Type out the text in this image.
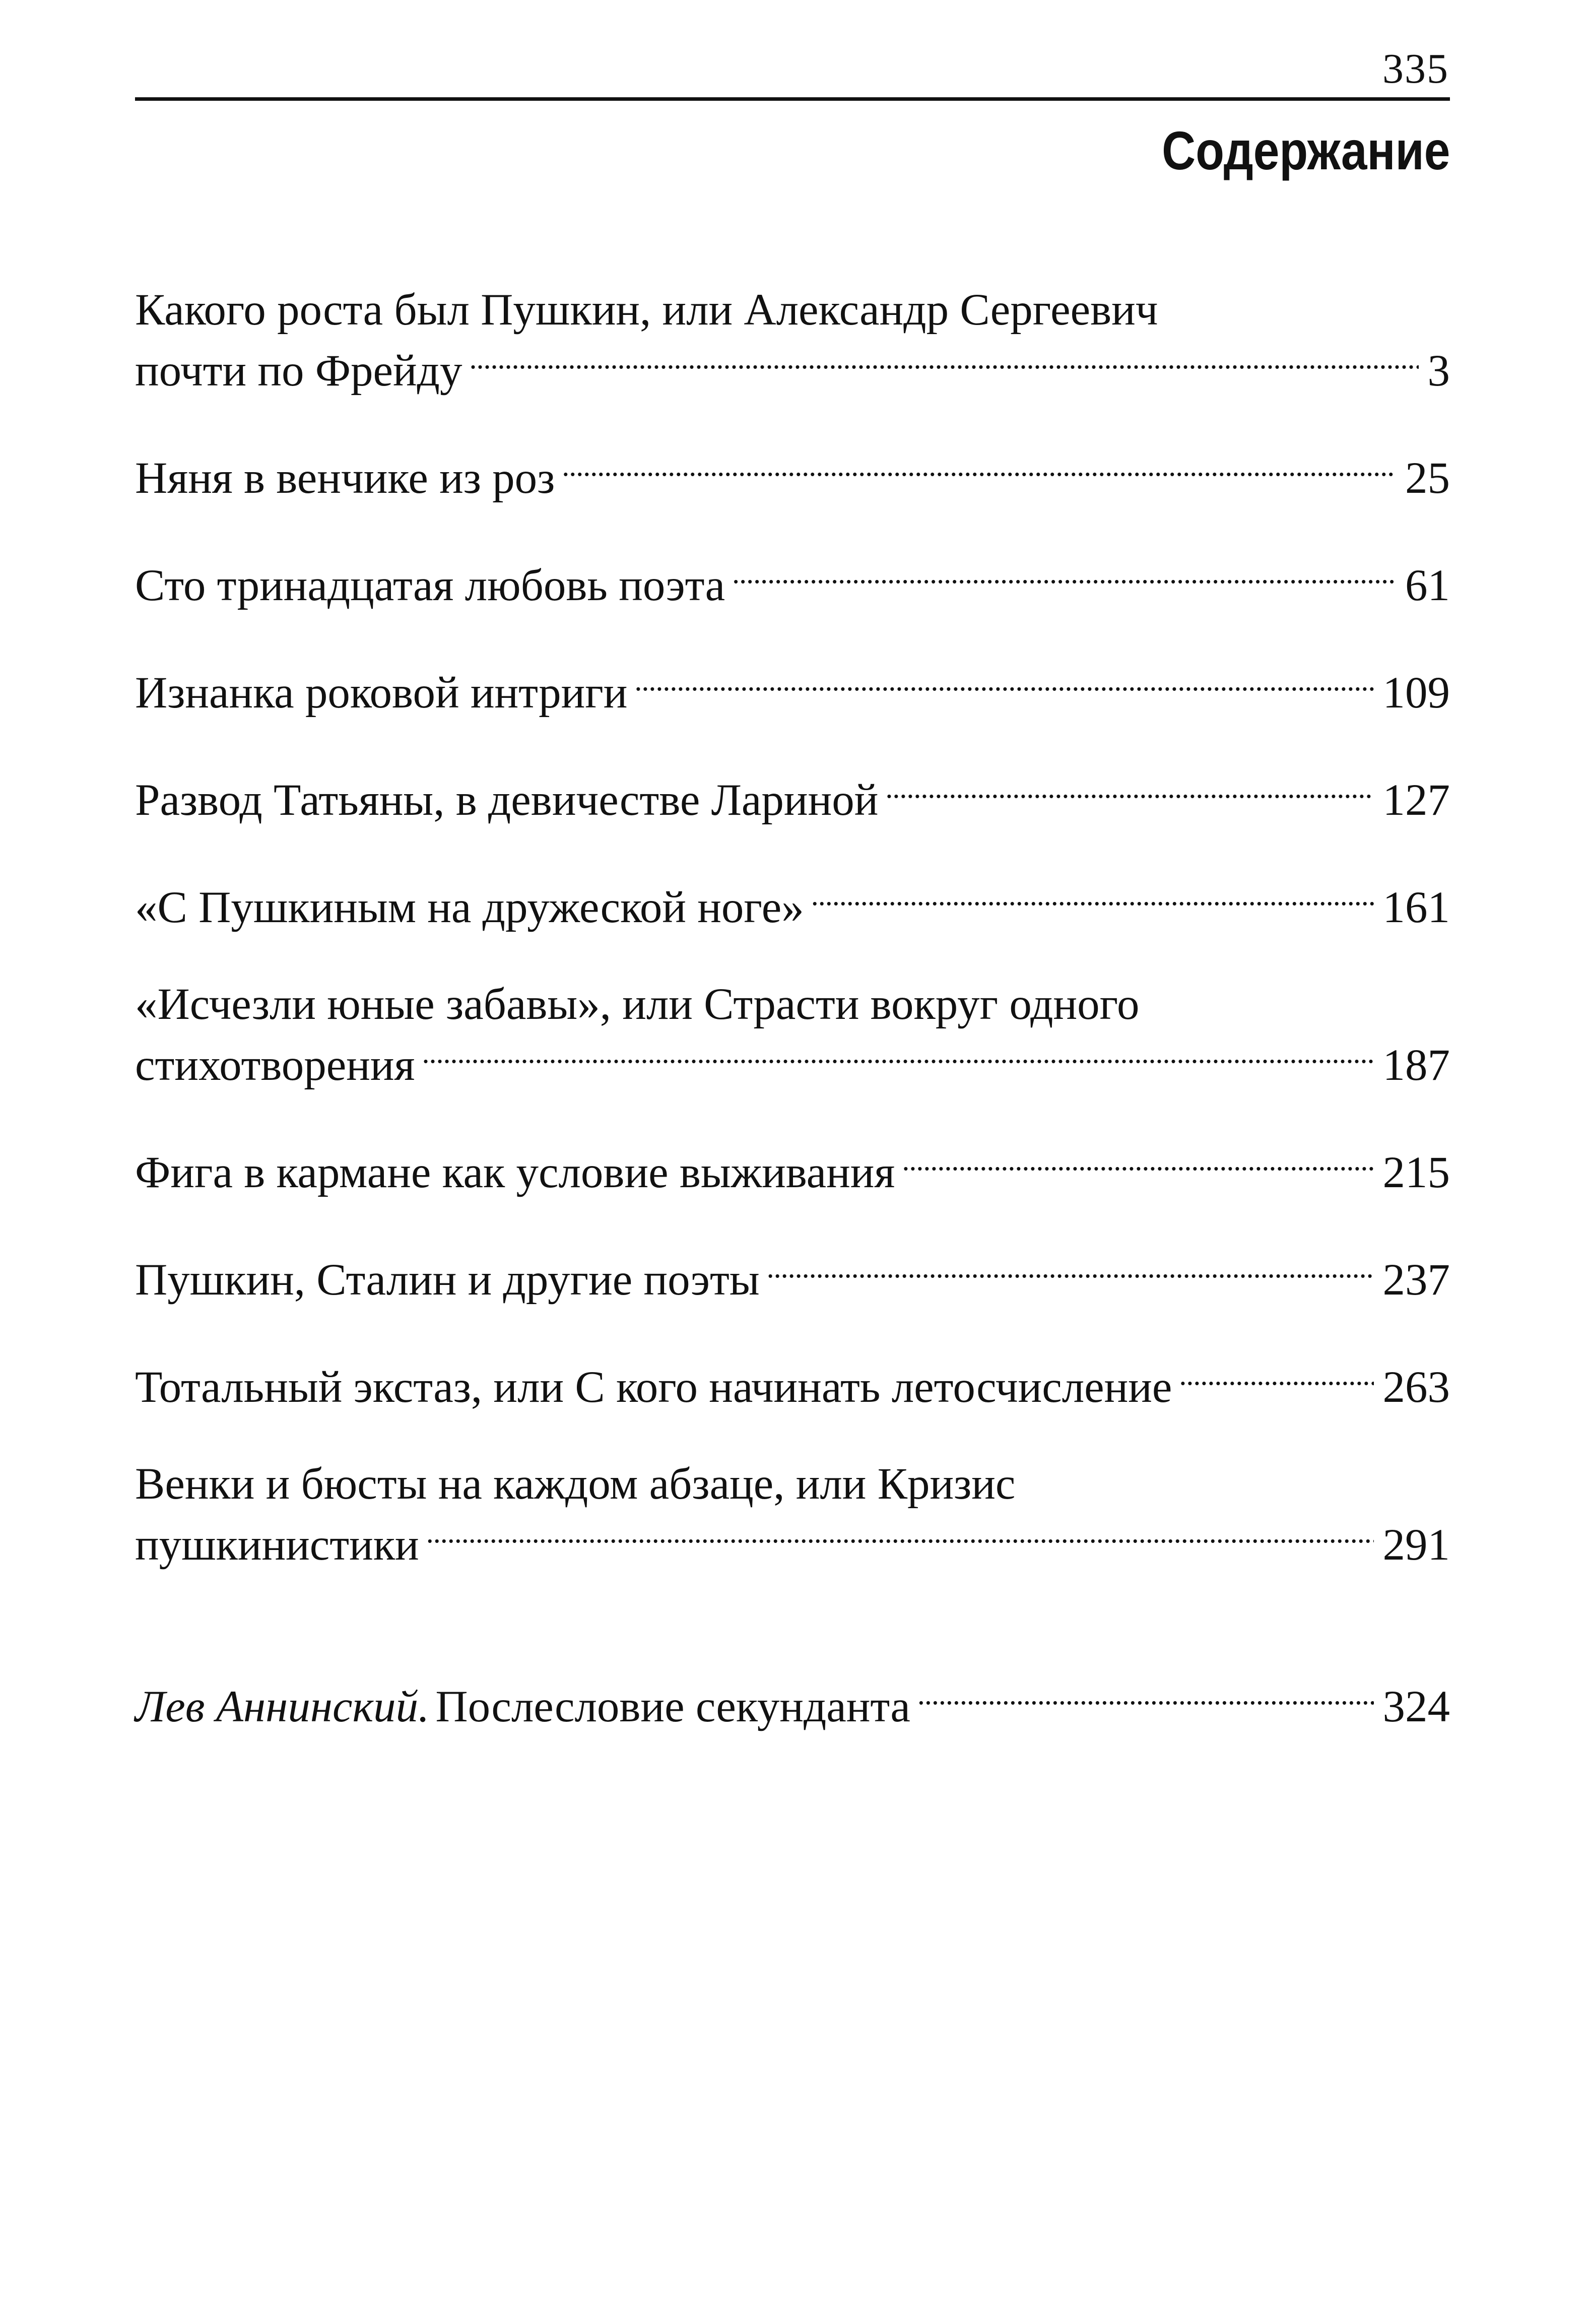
335
Содержание
Какого роста был Пушкин, или Александр Сергеевич
почти по Фрейду . . .	3
Няня в венчике из роз . . .	25
Сто тринадцатая любовь поэта . . .	61
Изнанка роковой интриги . . .	109
Развод Татьяны, в девичестве Лариной . . .	127
«С Пушкиным на дружеской ноге» . . .	161
«Исчезли юные забавы», или Страсти вокруг одного
стихотворения . . .	187
Фига в кармане как условие выживания . . .	215
Пушкин, Сталин и другие поэты . . .	237
Тотальный экстаз, или С кого начинать летосчисление . . .	263
Венки и бюсты на каждом абзаце, или Кризис
пушкинистики . . .	291
Лев Аннинский. Послесловие секунданта . . .	324
